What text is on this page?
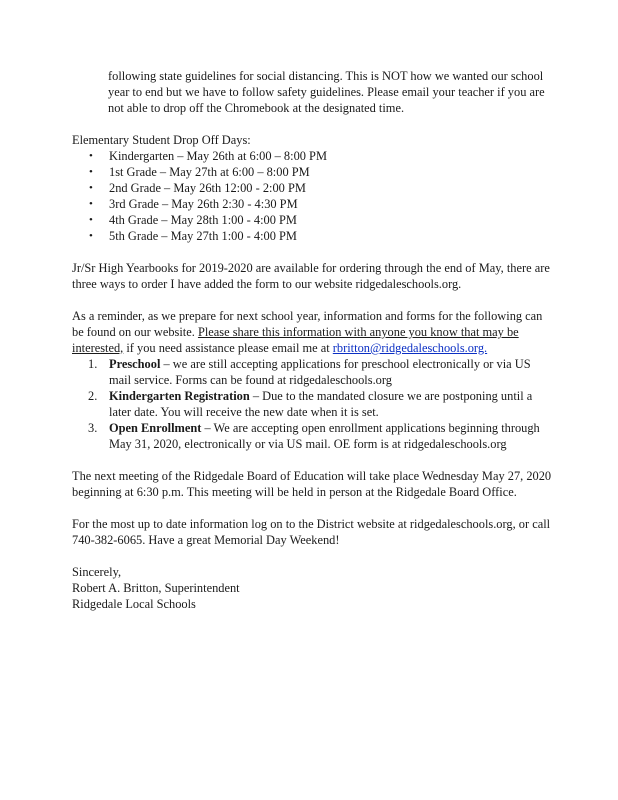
following state guidelines for social distancing. This is NOT how we wanted our school year to end but we have to follow safety guidelines. Please email your teacher if you are not able to drop off the Chromebook at the designated time.

Elementary Student Drop Off Days:

• Kindergarten – May 26th at 6:00 – 8:00 PM
• 1st Grade – May 27th at 6:00 – 8:00 PM
• 2nd Grade – May 26th 12:00 - 2:00 PM
• 3rd Grade – May 26th 2:30 - 4:30 PM
• 4th Grade – May 28th 1:00 - 4:00 PM
• 5th Grade – May 27th 1:00 - 4:00 PM

Jr/Sr High Yearbooks for 2019-2020 are available for ordering through the end of May, there are three ways to order I have added the form to our website ridgedaleschools.org.

As a reminder, as we prepare for next school year, information and forms for the following can be found on our website. Please share this information with anyone you know that may be interested, if you need assistance please email me at rbritton@ridgedaleschools.org.

1. Preschool – we are still accepting applications for preschool electronically or via US mail service. Forms can be found at ridgedaleschools.org
2. Kindergarten Registration – Due to the mandated closure we are postponing until a later date. You will receive the new date when it is set.
3. Open Enrollment – We are accepting open enrollment applications beginning through May 31, 2020, electronically or via US mail. OE form is at ridgedaleschools.org

The next meeting of the Ridgedale Board of Education will take place Wednesday May 27, 2020 beginning at 6:30 p.m. This meeting will be held in person at the Ridgedale Board Office.

For the most up to date information log on to the District website at ridgedaleschools.org, or call 740-382-6065. Have a great Memorial Day Weekend!

Sincerely,

Robert A. Britton, Superintendent

Ridgedale Local Schools
